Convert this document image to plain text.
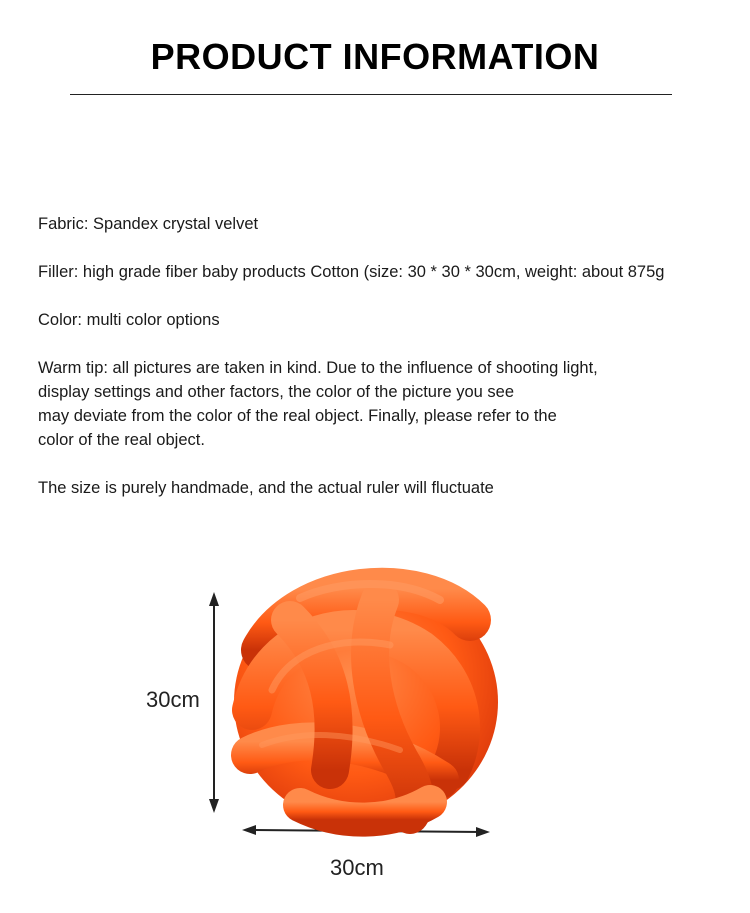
PRODUCT INFORMATION

Fabric: Spandex crystal velvet

Filler: high grade fiber baby products Cotton (size: 30 * 30 * 30cm, weight: about 875g

Color: multi color options

Warm tip: all pictures are taken in kind. Due to the influence of shooting light,

display settings and other factors, the color of the picture you see

may deviate from the color of the real object. Finally, please refer to the

color of the real object.

The size is purely handmade, and the actual ruler will fluctuate

30cm
30cm
